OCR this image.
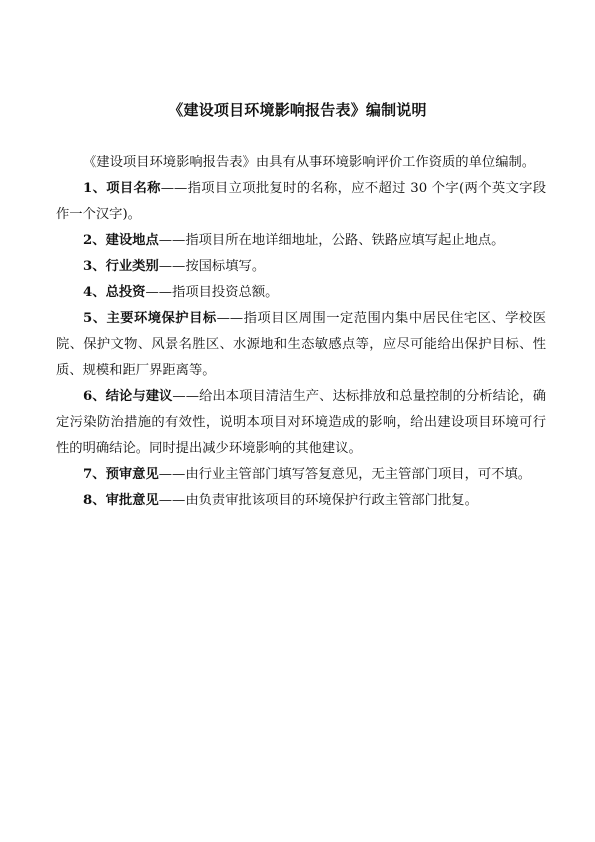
《建设项目环境影响报告表》编制说明

《建设项目环境影响报告表》由具有从事环境影响评价工作资质的单位编制。

1、项目名称——指项目立项批复时的名称，应不超过 30 个字(两个英文字段作一个汉字)。

2、建设地点——指项目所在地详细地址，公路、铁路应填写起止地点。

3、行业类别——按国标填写。

4、总投资——指项目投资总额。

5、主要环境保护目标——指项目区周围一定范围内集中居民住宅区、学校医院、保护文物、风景名胜区、水源地和生态敏感点等，应尽可能给出保护目标、性质、规模和距厂界距离等。

6、结论与建议——给出本项目清洁生产、达标排放和总量控制的分析结论，确定污染防治措施的有效性，说明本项目对环境造成的影响，给出建设项目环境可行性的明确结论。同时提出减少环境影响的其他建议。

7、预审意见——由行业主管部门填写答复意见，无主管部门项目，可不填。

8、审批意见——由负责审批该项目的环境保护行政主管部门批复。
